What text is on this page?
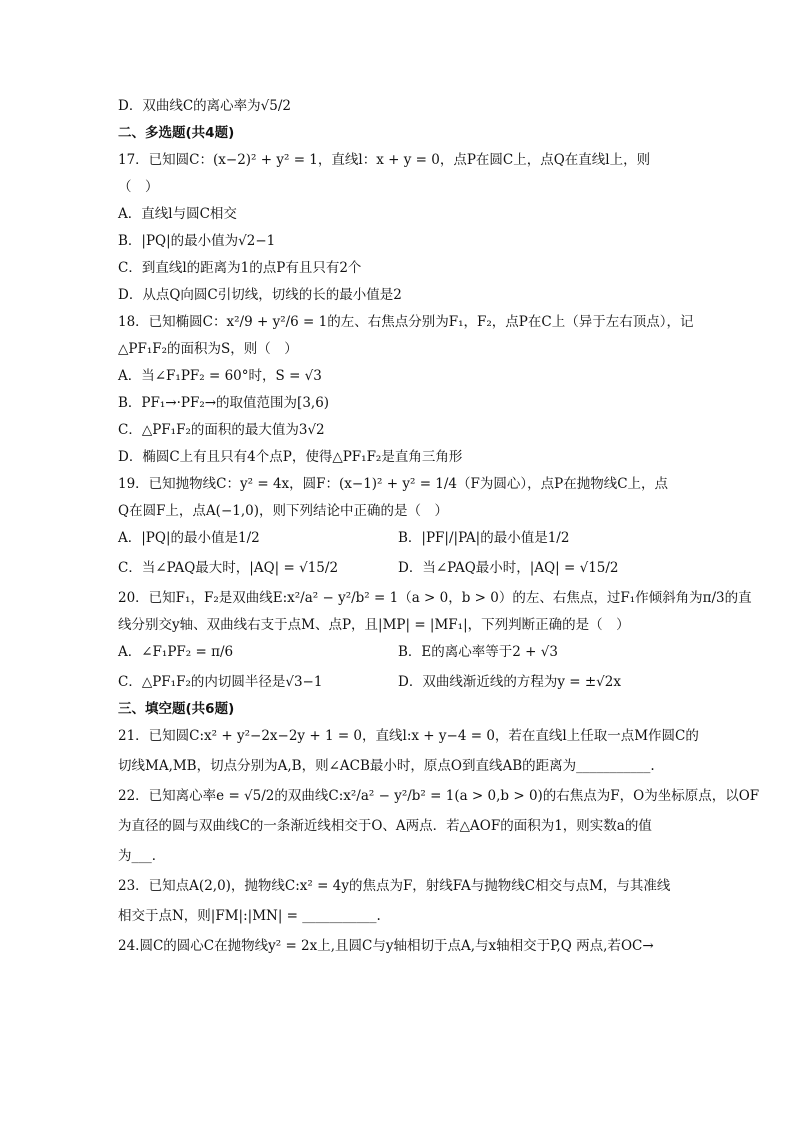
D．双曲线C的离心率为√5/2
二、多选题(共4题)
17．已知圆C：(x−2)² + y² = 1，直线l：x + y = 0，点P在圆C上，点Q在直线l上，则
（　）
A．直线l与圆C相交
B．|PQ|的最小值为√2−1
C．到直线l的距离为1的点P有且只有2个
D．从点Q向圆C引切线，切线的长的最小值是2
18．已知椭圆C：x²/9 + y²/6 = 1的左、右焦点分别为F₁，F₂，点P在C上（异于左右顶点），记
△PF₁F₂的面积为S，则（　）
A．当∠F₁PF₂ = 60°时，S = √3
B．PF₁→·PF₂→的取值范围为[3,6)
C．△PF₁F₂的面积的最大值为3√2
D．椭圆C上有且只有4个点P，使得△PF₁F₂是直角三角形
19．已知抛物线C：y² = 4x，圆F：(x−1)² + y² = 1/4（F为圆心），点P在抛物线C上，点
Q在圆F上，点A(−1,0)，则下列结论中正确的是（　）
A．|PQ|的最小值是1/2	B．|PF|/|PA|的最小值是1/2
C．当∠PAQ最大时，|AQ| = √15/2	D．当∠PAQ最小时，|AQ| = √15/2
20．已知F₁，F₂是双曲线E:x²/a² − y²/b² = 1（a > 0，b > 0）的左、右焦点，过F₁作倾斜角为π/3的直
线分别交y轴、双曲线右支于点M、点P，且|MP| = |MF₁|，下列判断正确的是（　）
A．∠F₁PF₂ = π/6	B．E的离心率等于2 + √3
C．△PF₁F₂的内切圆半径是√3−1	D．双曲线渐近线的方程为y = ±√2x
三、填空题(共6题)
21．已知圆C:x² + y²−2x−2y + 1 = 0，直线l:x + y−4 = 0，若在直线l上任取一点M作圆C的
切线MA,MB，切点分别为A,B，则∠ACB最小时，原点O到直线AB的距离为___________.
22．已知离心率e = √5/2的双曲线C:x²/a² − y²/b² = 1(a > 0,b > 0)的右焦点为F，O为坐标原点，以OF
为直径的圆与双曲线C的一条渐近线相交于O、A两点．若△AOF的面积为1，则实数a的值
为___．
23．已知点A(2,0)，抛物线C:x² = 4y的焦点为F，射线FA与抛物线C相交与点M，与其准线
相交于点N，则|FM|:|MN| = ___________.
24.圆C的圆心C在抛物线y² = 2x上,且圆C与y轴相切于点A,与x轴相交于P,Q 两点,若OC→
